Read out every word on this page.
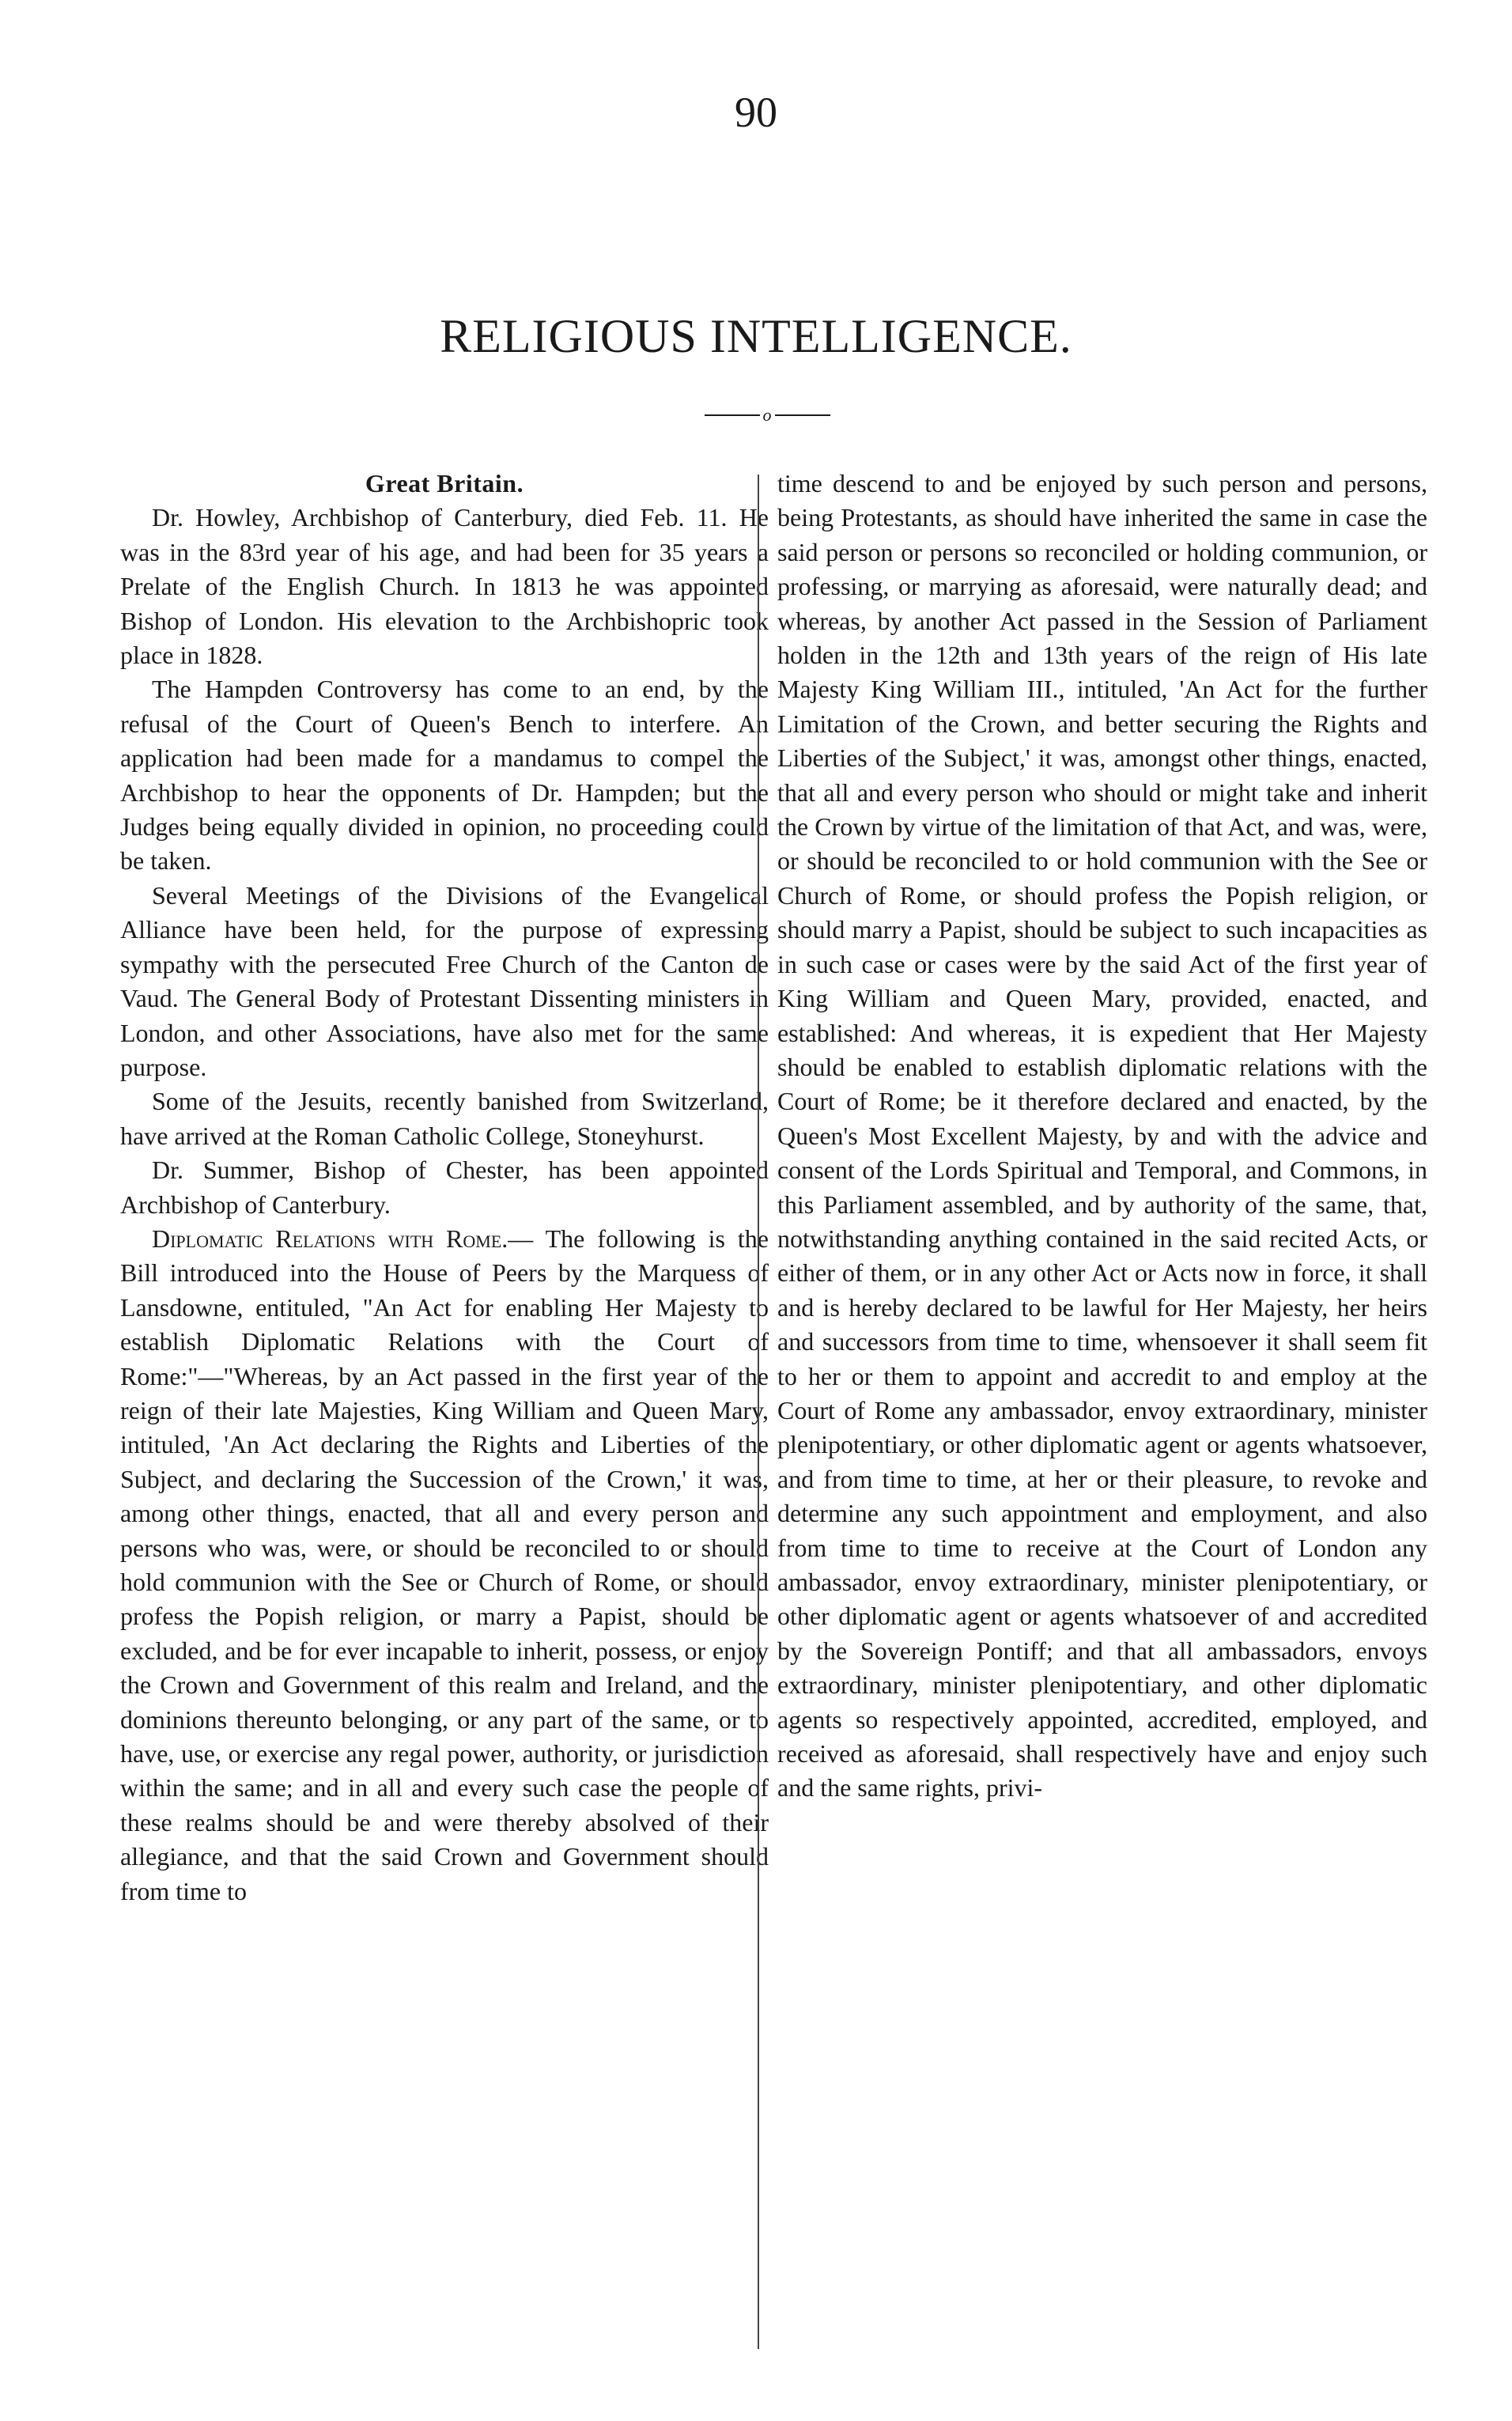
90
RELIGIOUS INTELLIGENCE.
o

Great Britain.

Dr. Howley, Archbishop of Canterbury, died Feb. 11. He was in the 83rd year of his age, and had been for 35 years a Prelate of the English Church. In 1813 he was appointed Bishop of London. His elevation to the Archbishopric took place in 1828.

The Hampden Controversy has come to an end, by the refusal of the Court of Queen's Bench to interfere. An application had been made for a mandamus to compel the Archbishop to hear the opponents of Dr. Hampden; but the Judges being equally divided in opinion, no proceeding could be taken.

Several Meetings of the Divisions of the Evangelical Alliance have been held, for the purpose of expressing sympathy with the persecuted Free Church of the Canton de Vaud. The General Body of Protestant Dissenting ministers in London, and other Associations, have also met for the same purpose.

Some of the Jesuits, recently banished from Switzerland, have arrived at the Roman Catholic College, Stoneyhurst.

Dr. Summer, Bishop of Chester, has been appointed Archbishop of Canterbury.

Diplomatic Relations with Rome.— The following is the Bill introduced into the House of Peers by the Marquess of Lansdowne, entituled, "An Act for enabling Her Majesty to establish Diplomatic Relations with the Court of Rome:"—"Whereas, by an Act passed in the first year of the reign of their late Majesties, King William and Queen Mary, intituled, 'An Act declaring the Rights and Liberties of the Subject, and declaring the Succession of the Crown,' it was, among other things, enacted, that all and every person and persons who was, were, or should be reconciled to or should hold communion with the See or Church of Rome, or should profess the Popish religion, or marry a Papist, should be excluded, and be for ever incapable to inherit, possess, or enjoy the Crown and Government of this realm and Ireland, and the dominions thereunto belonging, or any part of the same, or to have, use, or exercise any regal power, authority, or jurisdiction within the same; and in all and every such case the people of these realms should be and were thereby absolved of their allegiance, and that the said Crown and Government should from time to

time descend to and be enjoyed by such person and persons, being Protestants, as should have inherited the same in case the said person or persons so reconciled or holding communion, or professing, or marrying as aforesaid, were naturally dead; and whereas, by another Act passed in the Session of Parliament holden in the 12th and 13th years of the reign of His late Majesty King William III., intituled, 'An Act for the further Limitation of the Crown, and better securing the Rights and Liberties of the Subject,' it was, amongst other things, enacted, that all and every person who should or might take and inherit the Crown by virtue of the limitation of that Act, and was, were, or should be reconciled to or hold communion with the See or Church of Rome, or should profess the Popish religion, or should marry a Papist, should be subject to such incapacities as in such case or cases were by the said Act of the first year of King William and Queen Mary, provided, enacted, and established: And whereas, it is expedient that Her Majesty should be enabled to establish diplomatic relations with the Court of Rome; be it therefore declared and enacted, by the Queen's Most Excellent Majesty, by and with the advice and consent of the Lords Spiritual and Temporal, and Commons, in this Parliament assembled, and by authority of the same, that, notwithstanding anything contained in the said recited Acts, or either of them, or in any other Act or Acts now in force, it shall and is hereby declared to be lawful for Her Majesty, her heirs and successors from time to time, whensoever it shall seem fit to her or them to appoint and accredit to and employ at the Court of Rome any ambassador, envoy extraordinary, minister plenipotentiary, or other diplomatic agent or agents whatsoever, and from time to time, at her or their pleasure, to revoke and determine any such appointment and employment, and also from time to time to receive at the Court of London any ambassador, envoy extraordinary, minister plenipotentiary, or other diplomatic agent or agents whatsoever of and accredited by the Sovereign Pontiff; and that all ambassadors, envoys extraordinary, minister plenipotentiary, and other diplomatic agents so respectively appointed, accredited, employed, and received as aforesaid, shall respectively have and enjoy such and the same rights, privi-
